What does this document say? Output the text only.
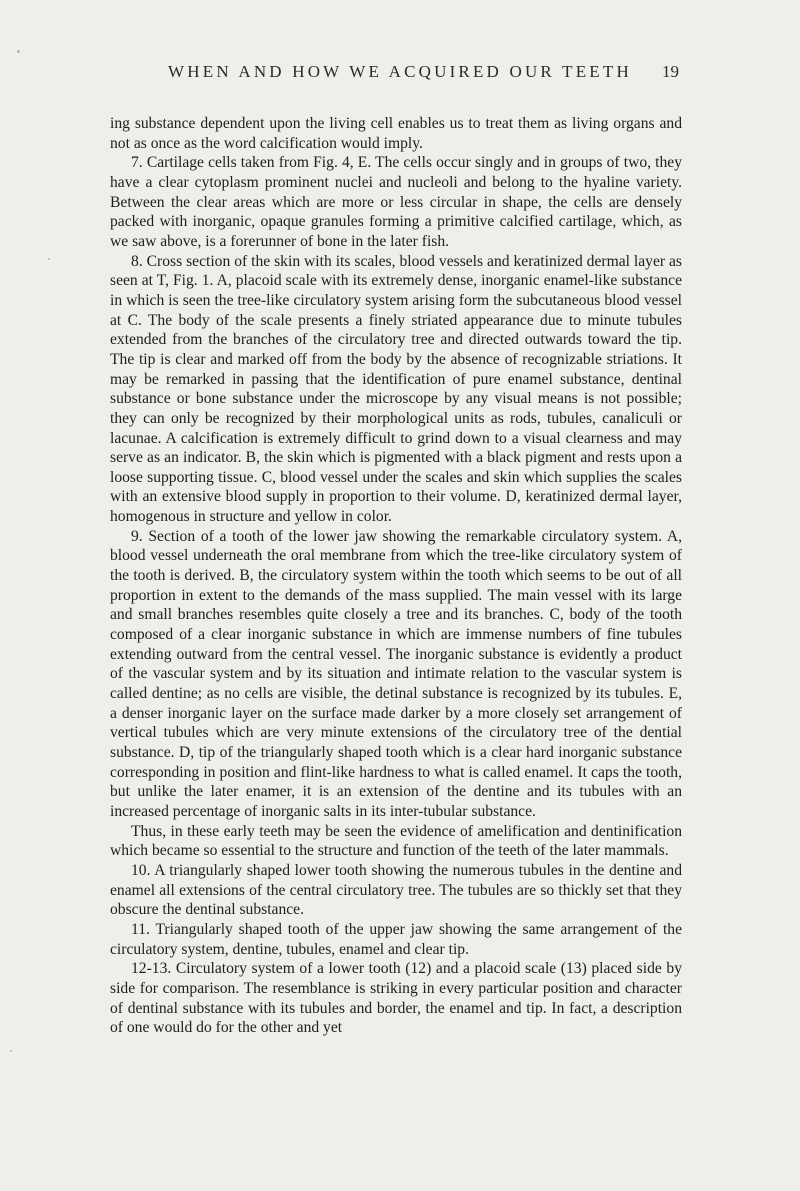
WHEN AND HOW WE ACQUIRED OUR TEETH	19

ing substance dependent upon the living cell enables us to treat them as living organs and not as once as the word calcification would imply.

7. Cartilage cells taken from Fig. 4, E. The cells occur singly and in groups of two, they have a clear cytoplasm prominent nuclei and nucleoli and belong to the hyaline variety. Between the clear areas which are more or less circular in shape, the cells are densely packed with inorganic, opaque granules forming a primitive calcified cartilage, which, as we saw above, is a forerunner of bone in the later fish.

8. Cross section of the skin with its scales, blood vessels and keratinized dermal layer as seen at T, Fig. 1. A, placoid scale with its extremely dense, inorganic enamel-like substance in which is seen the tree-like circulatory system arising form the subcutaneous blood vessel at C. The body of the scale presents a finely striated appearance due to minute tubules extended from the branches of the circulatory tree and directed outwards toward the tip. The tip is clear and marked off from the body by the absence of recognizable striations. It may be remarked in passing that the identification of pure enamel substance, dentinal substance or bone substance under the microscope by any visual means is not possible; they can only be recognized by their morphological units as rods, tubules, canaliculi or lacunae. A calcification is extremely difficult to grind down to a visual clearness and may serve as an indicator. B, the skin which is pigmented with a black pigment and rests upon a loose supporting tissue. C, blood vessel under the scales and skin which supplies the scales with an extensive blood supply in proportion to their volume. D, keratinized dermal layer, homogenous in structure and yellow in color.

9. Section of a tooth of the lower jaw showing the remarkable circulatory system. A, blood vessel underneath the oral membrane from which the tree-like circulatory system of the tooth is derived. B, the circulatory system within the tooth which seems to be out of all proportion in extent to the demands of the mass supplied. The main vessel with its large and small branches resembles quite closely a tree and its branches. C, body of the tooth composed of a clear inorganic substance in which are immense numbers of fine tubules extending outward from the central vessel. The inorganic substance is evidently a product of the vascular system and by its situation and intimate relation to the vascular system is called dentine; as no cells are visible, the detinal substance is recognized by its tubules. E, a denser inorganic layer on the surface made darker by a more closely set arrangement of vertical tubules which are very minute extensions of the circulatory tree of the dential substance. D, tip of the triangularly shaped tooth which is a clear hard inorganic substance corresponding in position and flint-like hardness to what is called enamel. It caps the tooth, but unlike the later enamer, it is an extension of the dentine and its tubules with an increased percentage of inorganic salts in its inter-tubular substance.

Thus, in these early teeth may be seen the evidence of amelification and dentinification which became so essential to the structure and function of the teeth of the later mammals.

10. A triangularly shaped lower tooth showing the numerous tubules in the dentine and enamel all extensions of the central circulatory tree. The tubules are so thickly set that they obscure the dentinal substance.

11. Triangularly shaped tooth of the upper jaw showing the same arrangement of the circulatory system, dentine, tubules, enamel and clear tip.

12-13. Circulatory system of a lower tooth (12) and a placoid scale (13) placed side by side for comparison. The resemblance is striking in every particular position and character of dentinal substance with its tubules and border, the enamel and tip. In fact, a description of one would do for the other and yet
